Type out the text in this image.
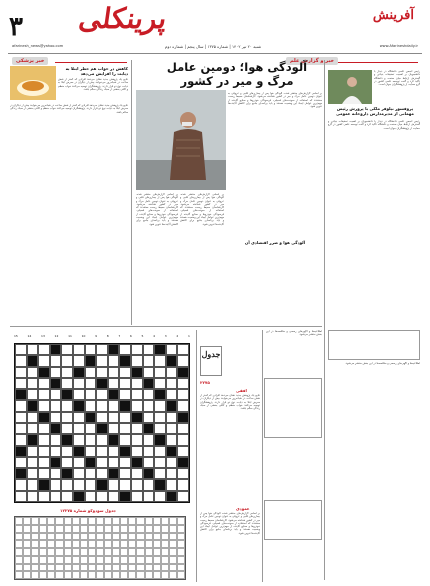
۳ پرینکلی	آفرینش
شنبه ۲۰ تیر ۱۴۰۲ | شماره ۱۳۷۵ | سال پنجم | شماره دوم
afarinesh_news@yahoo.com	www.Afarineshdaily.ir
خبر و گزارش علم
خبر پزشکی	آلودگی هوا؛ دومین عامل مرگ و میر در کشور
بر اساس گزارش‌های منتشر شده، آلودگی هوا پس از بیماری‌های قلبی و عروقی به عنوان دومین عامل مرگ و میر در کشور شناخته می‌شود. کارشناسان محیط زیست معتقدند که استفاده از سوخت‌های فسیلی، فرسودگی خودروها و صنایع آلاینده از مهم‌ترین عوامل ایجاد این وضعیت هستند و باید برنامه‌ای جامع برای کاهش آلاینده‌ها تدوین شود.
بر اساس گزارش‌های منتشر شده، آلودگی هوا پس از بیماری‌های قلبی و عروقی به عنوان دومین عامل مرگ و میر در کشور شناخته می‌شود. کارشناسان محیط زیست معتقدند که استفاده از سوخت‌های فسیلی، فرسودگی خودروها و صنایع آلاینده از مهم‌ترین عوامل ایجاد این وضعیت هستند و باید برنامه‌ای جامع برای کاهش آلاینده‌ها تدوین شود.
بر اساس گزارش‌های منتشر شده، آلودگی هوا پس از بیماری‌های قلبی و عروقی به عنوان دومین عامل مرگ و میر در کشور شناخته می‌شود. کارشناسان محیط زیست معتقدند که استفاده از سوخت‌های فسیلی، فرسودگی خودروها و صنایع آلاینده از مهم‌ترین عوامل ایجاد این وضعیت هستند و باید برنامه‌ای جامع برای کاهش آلاینده‌ها تدوین شود.
آلودگی هوا و ضرر اقتصادی آن
پروفسور نیلوفر ملکی با پرورش رئیس مهمانی از مدیرمدارس داروخانه عمومی
رئیس انجمن علمی دانشگاه در دیدار با دانشجویان بر اهمیت تحقیقات بنیادی و گسترش ارتباط میان صنعت و دانشگاه تأکید کرد و گفت توسعه علمی کشور در گرو حمایت از پژوهشگران جوان است.
رئیس انجمن علمی دانشگاه در دیدار با دانشجویان بر اهمیت تحقیقات بنیادی و گسترش ارتباط میان صنعت و دانشگاه تأکید کرد و گفت توسعه علمی کشور در گرو حمایت از پژوهشگران جوان است.
کاهش در خواب هم خطر ابتلا به دیابت را افزایش می‌دهد
نتایج یک پژوهش جدید نشان می‌دهد افرادی که کمتر از شش ساعت در شبانه‌روز می‌خوابند بیش از دیگران در معرض ابتلا به دیابت نوع دو قرار دارند. پژوهشگران توصیه می‌کنند خواب منظم و کافی بخشی از سبک زندگی سالم باشد.
نتایج یک پژوهش جدید نشان می‌دهد افرادی که کمتر از شش ساعت در شبانه‌روز می‌خوابند بیش از دیگران در معرض ابتلا به دیابت نوع دو قرار دارند. پژوهشگران توصیه می‌کنند خواب منظم و کافی بخشی از سبک زندگی سالم باشد.
اطلاعیه‌ها و آگهی‌های رسمی و مناقصه‌ها در این بخش منتشر می‌شود.
اطلاعیه‌ها و آگهی‌های رسمی و مناقصه‌ها در این بخش منتشر می‌شود.
جدول
۲۲۷۵
افقی
نتایج یک پژوهش جدید نشان می‌دهد افرادی که کمتر از شش ساعت در شبانه‌روز می‌خوابند بیش از دیگران در معرض ابتلا به دیابت نوع دو قرار دارند. پژوهشگران توصیه می‌کنند خواب منظم و کافی بخشی از سبک زندگی سالم باشد.
عمودی
بر اساس گزارش‌های منتشر شده، آلودگی هوا پس از بیماری‌های قلبی و عروقی به عنوان دومین عامل مرگ و میر در کشور شناخته می‌شود. کارشناسان محیط زیست معتقدند که استفاده از سوخت‌های فسیلی، فرسودگی خودروها و صنایع آلاینده از مهم‌ترین عوامل ایجاد این وضعیت هستند و باید برنامه‌ای جامع برای کاهش آلاینده‌ها تدوین شود.
15	14	13	12	11	10	9	8	7	6	5	4	3	2	1
جدول سودوکو شماره ۱۲۲۷۵
